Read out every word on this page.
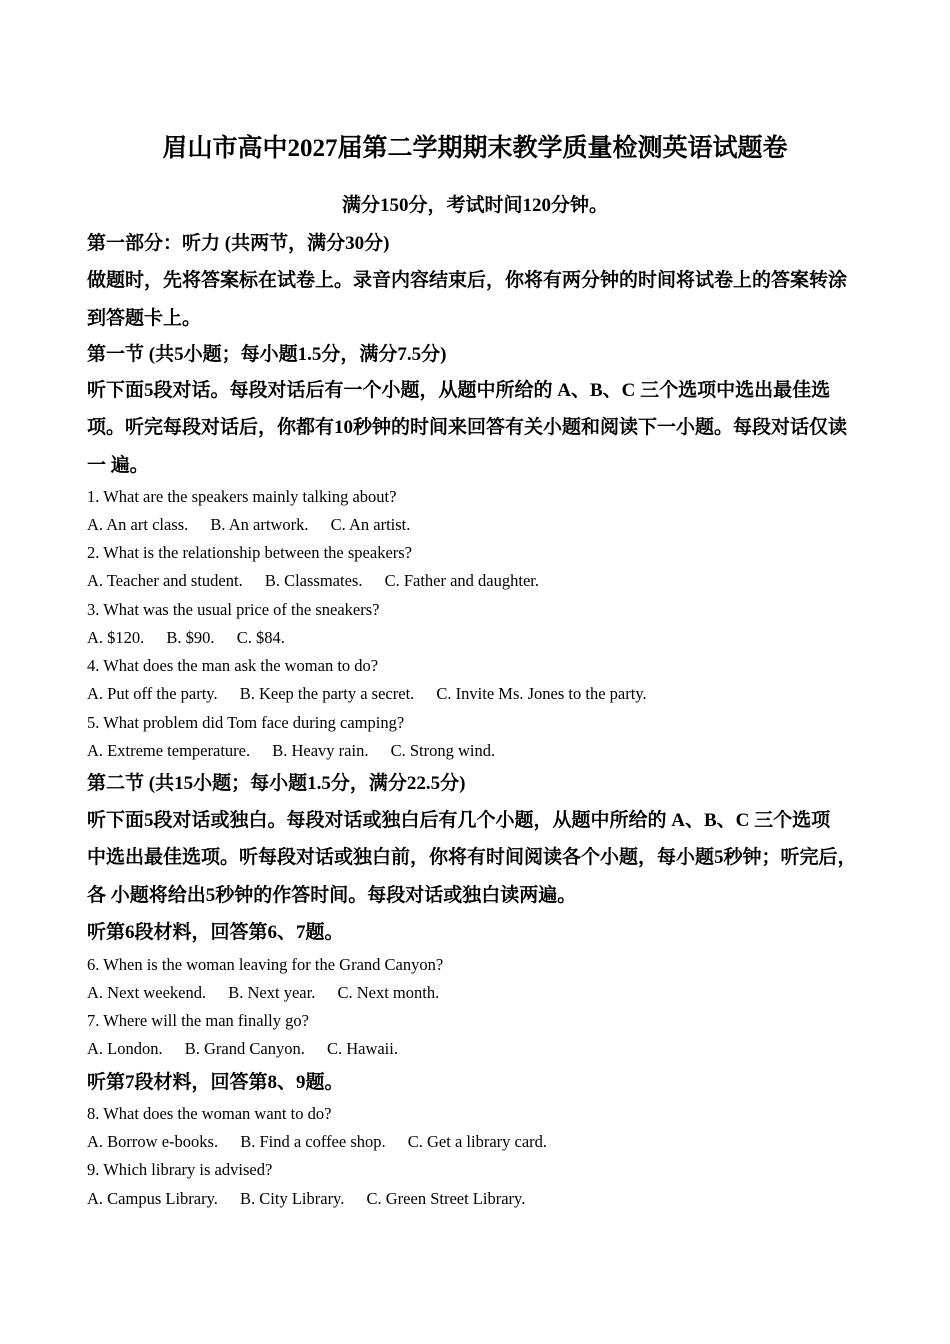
眉山市高中2027届第二学期期末教学质量检测英语试题卷
满分150分，考试时间120分钟。
第一部分：听力 (共两节，满分30分)
做题时，先将答案标在试卷上。录音内容结束后，你将有两分钟的时间将试卷上的答案转涂
到答题卡上。
第一节 (共5小题；每小题1.5分，满分7.5分)
听下面5段对话。每段对话后有一个小题，从题中所给的 A、B、C 三个选项中选出最佳选
项。听完每段对话后，你都有10秒钟的时间来回答有关小题和阅读下一小题。每段对话仅读
一 遍。
1. What are the speakers mainly talking about?
A. An art class. B. An artwork. C. An artist.
2. What is the relationship between the speakers?
A. Teacher and student. B. Classmates. C. Father and daughter.
3. What was the usual price of the sneakers?
A. $120. B. $90. C. $84.
4. What does the man ask the woman to do?
A. Put off the party. B. Keep the party a secret. C. Invite Ms. Jones to the party.
5. What problem did Tom face during camping?
A. Extreme temperature. B. Heavy rain. C. Strong wind.
第二节 (共15小题；每小题1.5分，满分22.5分)
听下面5段对话或独白。每段对话或独白后有几个小题，从题中所给的 A、B、C 三个选项
中选出最佳选项。听每段对话或独白前，你将有时间阅读各个小题，每小题5秒钟；听完后，
各 小题将给出5秒钟的作答时间。每段对话或独白读两遍。
听第6段材料，回答第6、7题。
6. When is the woman leaving for the Grand Canyon?
A. Next weekend. B. Next year. C. Next month.
7. Where will the man finally go?
A. London. B. Grand Canyon. C. Hawaii.
听第7段材料，回答第8、9题。
8. What does the woman want to do?
A. Borrow e-books. B. Find a coffee shop. C. Get a library card.
9. Which library is advised?
A. Campus Library. B. City Library. C. Green Street Library.
